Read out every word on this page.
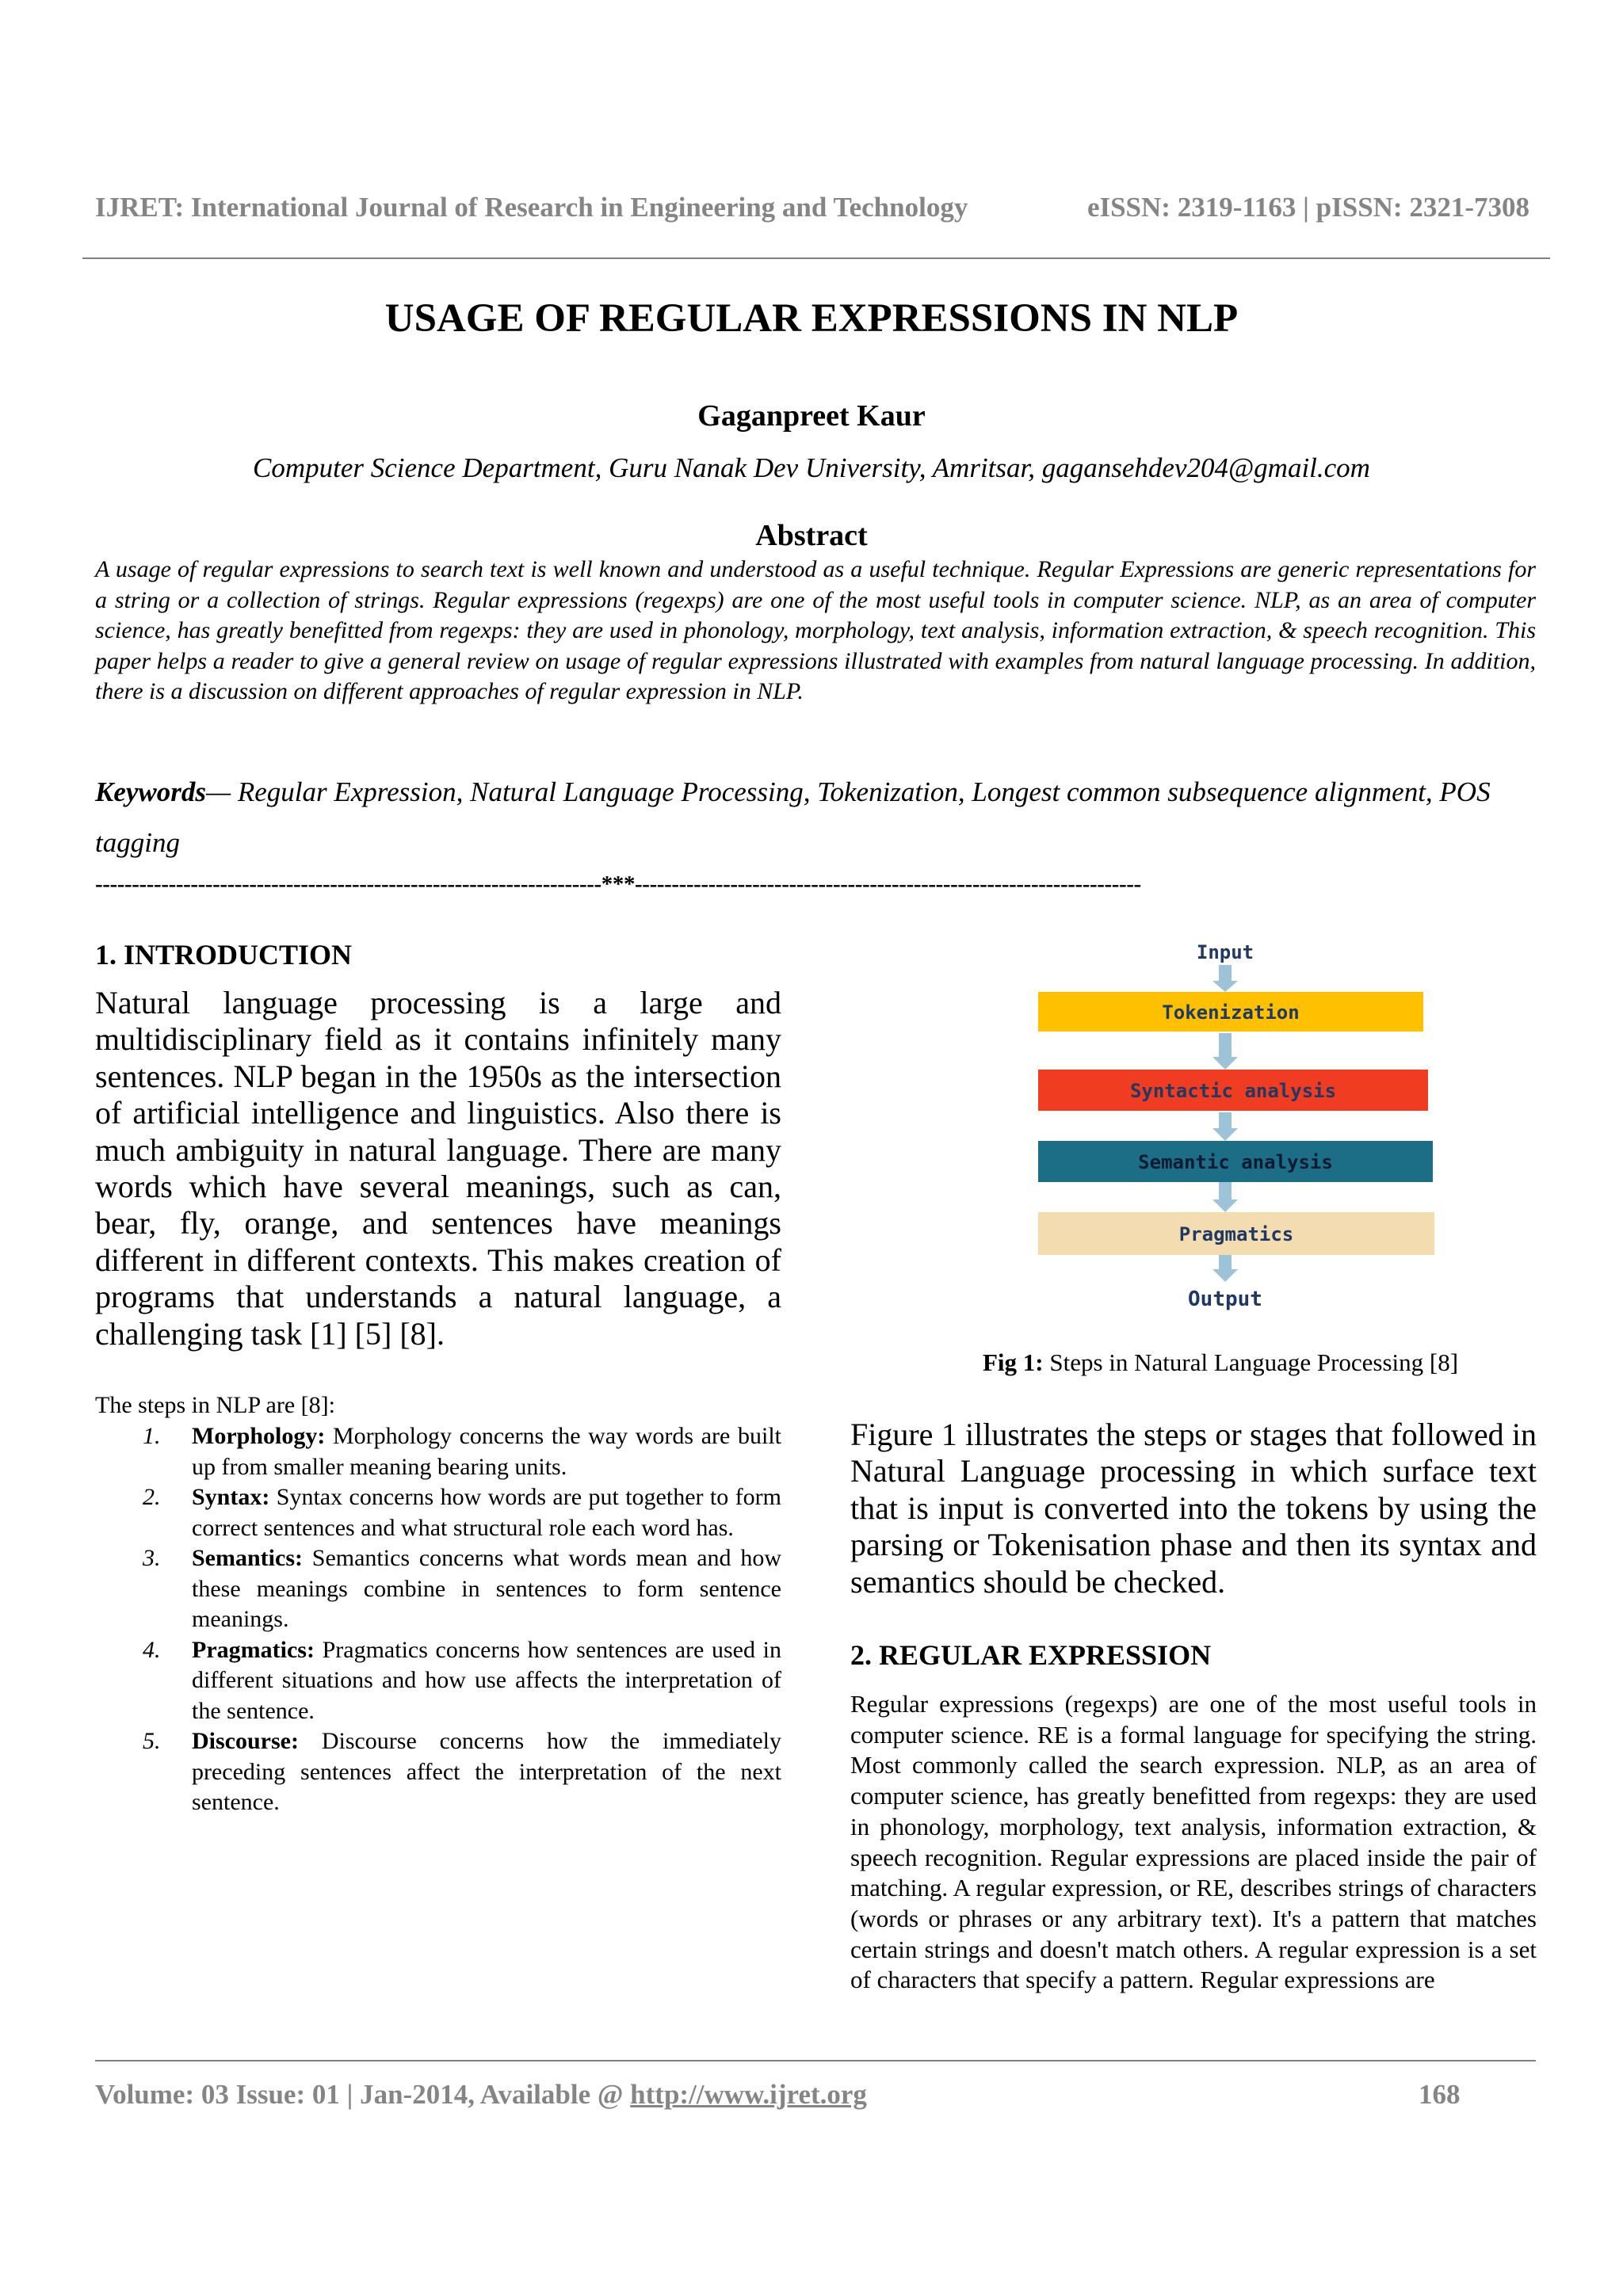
IJRET: International Journal of Research in Engineering and Technology	eISSN: 2319-1163 | pISSN: 2321-7308
USAGE OF REGULAR EXPRESSIONS IN NLP
Gaganpreet Kaur
Computer Science Department, Guru Nanak Dev University, Amritsar, gagansehdev204@gmail.com
Abstract
A usage of regular expressions to search text is well known and understood as a useful technique. Regular Expressions are generic representations for a string or a collection of strings. Regular expressions (regexps) are one of the most useful tools in computer science. NLP, as an area of computer science, has greatly benefitted from regexps: they are used in phonology, morphology, text analysis, information extraction, & speech recognition. This paper helps a reader to give a general review on usage of regular expressions illustrated with examples from natural language processing. In addition, there is a discussion on different approaches of regular expression in NLP.
Keywords— Regular Expression, Natural Language Processing, Tokenization, Longest common subsequence alignment, POS tagging
---------------------------------------------------------------------***---------------------------------------------------------------------
1. INTRODUCTION
Natural language processing is a large and multidisciplinary field as it contains infinitely many sentences. NLP began in the 1950s as the intersection of artificial intelligence and linguistics. Also there is much ambiguity in natural language. There are many words which have several meanings, such as can, bear, fly, orange, and sentences have meanings different in different contexts. This makes creation of programs that understands a natural language, a challenging task [1] [5] [8].
The steps in NLP are [8]:
1. Morphology: Morphology concerns the way words are built up from smaller meaning bearing units.
2. Syntax: Syntax concerns how words are put together to form correct sentences and what structural role each word has.
3. Semantics: Semantics concerns what words mean and how these meanings combine in sentences to form sentence meanings.
4. Pragmatics: Pragmatics concerns how sentences are used in different situations and how use affects the interpretation of the sentence.
5. Discourse: Discourse concerns how the immediately preceding sentences affect the interpretation of the next sentence.
Input
Tokenization
Syntactic analysis
Semantic analysis
Pragmatics
Output
Fig 1: Steps in Natural Language Processing [8]
Figure 1 illustrates the steps or stages that followed in Natural Language processing in which surface text that is input is converted into the tokens by using the parsing or Tokenisation phase and then its syntax and semantics should be checked.
2. REGULAR EXPRESSION
Regular expressions (regexps) are one of the most useful tools in computer science. RE is a formal language for specifying the string. Most commonly called the search expression. NLP, as an area of computer science, has greatly benefitted from regexps: they are used in phonology, morphology, text analysis, information extraction, & speech recognition. Regular expressions are placed inside the pair of matching. A regular expression, or RE, describes strings of characters (words or phrases or any arbitrary text). It's a pattern that matches certain strings and doesn't match others. A regular expression is a set of characters that specify a pattern. Regular expressions are
Volume: 03 Issue: 01 | Jan-2014, Available @ http://www.ijret.org	168
